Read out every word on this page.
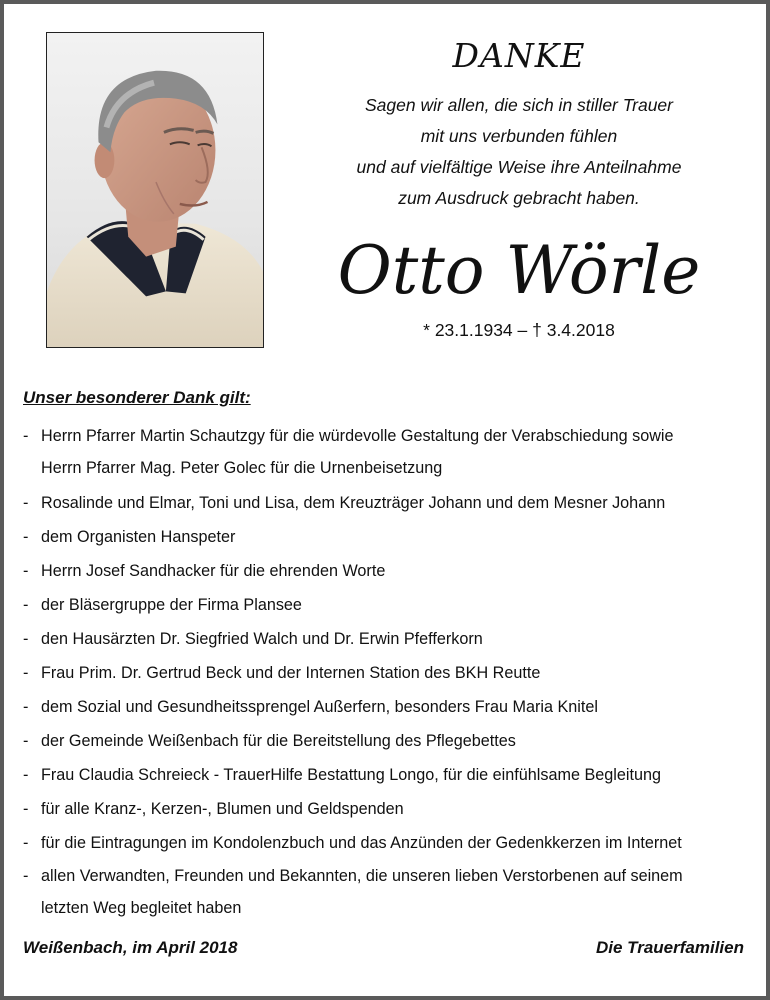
DANKE
Sagen wir allen, die sich in stiller Trauer
mit uns verbunden fühlen
und auf vielfältige Weise ihre Anteilnahme
zum Ausdruck gebracht haben.
Otto Wörle
* 23.1.1934 – † 3.4.2018
Unser besonderer Dank gilt:
- Herrn Pfarrer Martin Schautzgy für die würdevolle Gestaltung der Verabschiedung sowie
Herrn Pfarrer Mag. Peter Golec für die Urnenbeisetzung
- Rosalinde und Elmar, Toni und Lisa, dem Kreuzträger Johann und dem Mesner Johann
- dem Organisten Hanspeter
- Herrn Josef Sandhacker für die ehrenden Worte
- der Bläsergruppe der Firma Plansee
- den Hausärzten Dr. Siegfried Walch und Dr. Erwin Pfefferkorn
- Frau Prim. Dr. Gertrud Beck und der Internen Station des BKH Reutte
- dem Sozial und Gesundheitssprengel Außerfern, besonders Frau Maria Knitel
- der Gemeinde Weißenbach für die Bereitstellung des Pflegebettes
- Frau Claudia Schreieck - TrauerHilfe Bestattung Longo, für die einfühlsame Begleitung
- für alle Kranz-, Kerzen-, Blumen und Geldspenden
- für die Eintragungen im Kondolenzbuch und das Anzünden der Gedenkkerzen im Internet
- allen Verwandten, Freunden und Bekannten, die unseren lieben Verstorbenen auf seinem
letzten Weg begleitet haben
Weißenbach, im April 2018	Die Trauerfamilien
